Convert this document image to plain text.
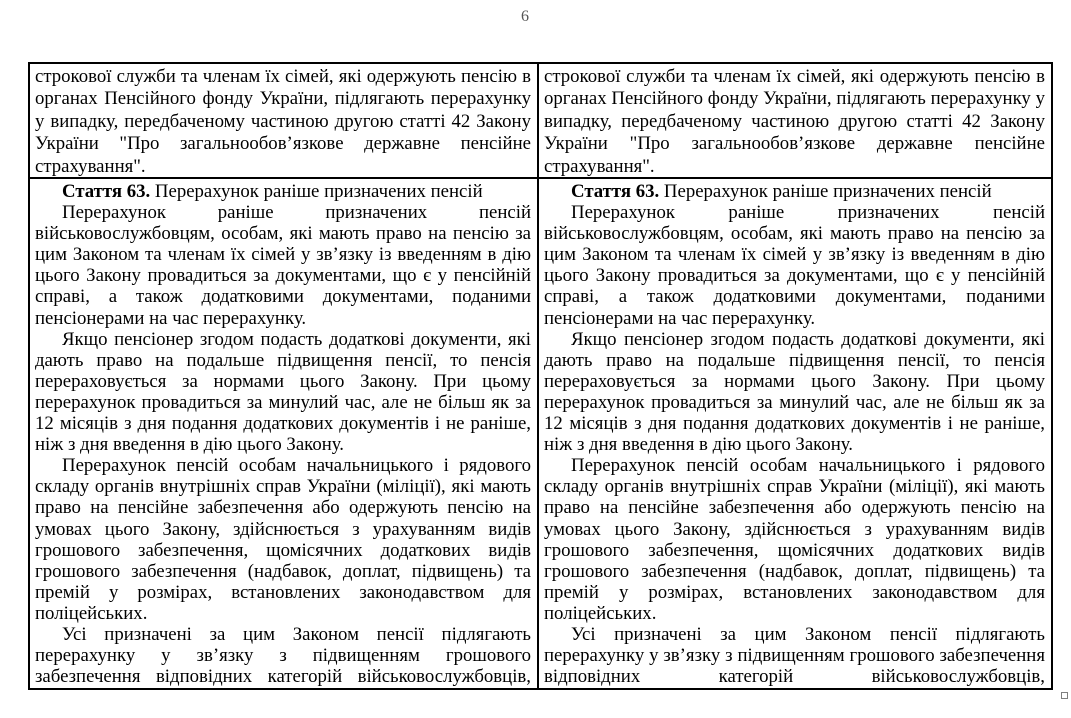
6

строкової служби та членам їх сімей, які одержують пенсію в органах Пенсійного фонду України, підлягають перерахунку у випадку, передбаченому частиною другою статті 42 Закону України "Про загальнообов’язкове державне пенсійне страхування".

строкової служби та членам їх сімей, які одержують пенсію в органах Пенсійного фонду України, підлягають перерахунку у випадку, передбаченому частиною другою статті 42 Закону України "Про загальнообов’язкове державне пенсійне страхування".

Стаття 63. Перерахунок раніше призначених пенсій

Перерахунок раніше призначених пенсій військовослужбовцям, особам, які мають право на пенсію за цим Законом та членам їх сімей у зв’язку із введенням в дію цього Закону провадиться за документами, що є у пенсійній справі, а також додатковими документами, поданими пенсіонерами на час перерахунку.

Якщо пенсіонер згодом подасть додаткові документи, які дають право на подальше підвищення пенсії, то пенсія перераховується за нормами цього Закону. При цьому перерахунок провадиться за минулий час, але не більш як за 12 місяців з дня подання додаткових документів і не раніше, ніж з дня введення в дію цього Закону.

Перерахунок пенсій особам начальницького і рядового складу органів внутрішніх справ України (міліції), які мають право на пенсійне забезпечення або одержують пенсію на умовах цього Закону, здійснюється з урахуванням видів грошового забезпечення, щомісячних додаткових видів грошового забезпечення (надбавок, доплат, підвищень) та премій у розмірах, встановлених законодавством для поліцейських.

Усі призначені за цим Законом пенсії підлягають перерахунку у зв’язку з підвищенням грошового забезпечення відповідних категорій військовослужбовців,

Стаття 63. Перерахунок раніше призначених пенсій

Перерахунок раніше призначених пенсій військовослужбовцям, особам, які мають право на пенсію за цим Законом та членам їх сімей у зв’язку із введенням в дію цього Закону провадиться за документами, що є у пенсійній справі, а також додатковими документами, поданими пенсіонерами на час перерахунку.

Якщо пенсіонер згодом подасть додаткові документи, які дають право на подальше підвищення пенсії, то пенсія перераховується за нормами цього Закону. При цьому перерахунок провадиться за минулий час, але не більш як за 12 місяців з дня подання додаткових документів і не раніше, ніж з дня введення в дію цього Закону.

Перерахунок пенсій особам начальницького і рядового складу органів внутрішніх справ України (міліції), які мають право на пенсійне забезпечення або одержують пенсію на умовах цього Закону, здійснюється з урахуванням видів грошового забезпечення, щомісячних додаткових видів грошового забезпечення (надбавок, доплат, підвищень) та премій у розмірах, встановлених законодавством для поліцейських.

Усі призначені за цим Законом пенсії підлягають перерахунку у зв’язку з підвищенням грошового забезпечення відповідних категорій військовослужбовців,
